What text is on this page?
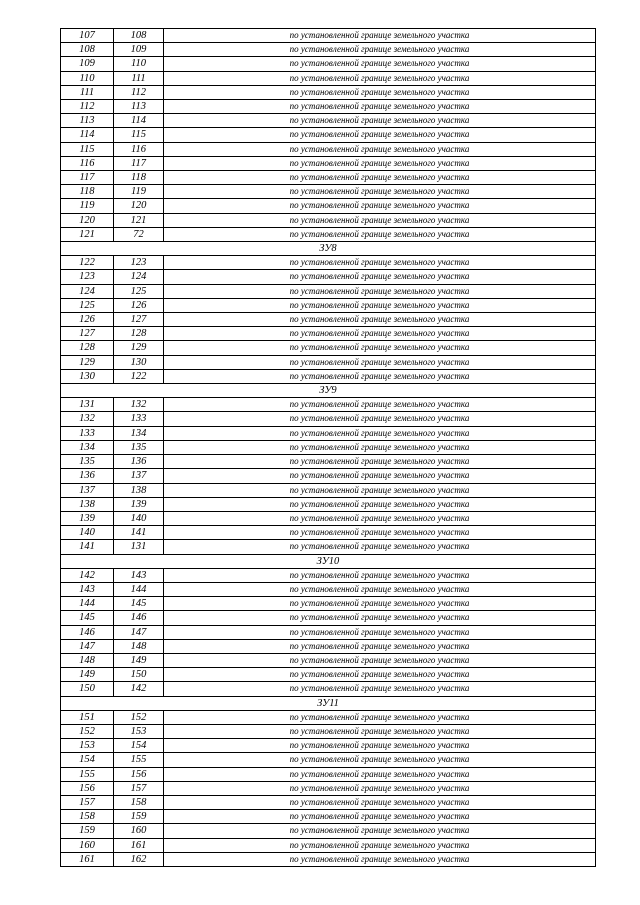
107	108	по установленной границе земельного участка
108	109	по установленной границе земельного участка
109	110	по установленной границе земельного участка
110	111	по установленной границе земельного участка
111	112	по установленной границе земельного участка
112	113	по установленной границе земельного участка
113	114	по установленной границе земельного участка
114	115	по установленной границе земельного участка
115	116	по установленной границе земельного участка
116	117	по установленной границе земельного участка
117	118	по установленной границе земельного участка
118	119	по установленной границе земельного участка
119	120	по установленной границе земельного участка
120	121	по установленной границе земельного участка
121	72	по установленной границе земельного участка
ЗУ8		
122	123	по установленной границе земельного участка
123	124	по установленной границе земельного участка
124	125	по установленной границе земельного участка
125	126	по установленной границе земельного участка
126	127	по установленной границе земельного участка
127	128	по установленной границе земельного участка
128	129	по установленной границе земельного участка
129	130	по установленной границе земельного участка
130	122	по установленной границе земельного участка
ЗУ9		
131	132	по установленной границе земельного участка
132	133	по установленной границе земельного участка
133	134	по установленной границе земельного участка
134	135	по установленной границе земельного участка
135	136	по установленной границе земельного участка
136	137	по установленной границе земельного участка
137	138	по установленной границе земельного участка
138	139	по установленной границе земельного участка
139	140	по установленной границе земельного участка
140	141	по установленной границе земельного участка
141	131	по установленной границе земельного участка
ЗУ10		
142	143	по установленной границе земельного участка
143	144	по установленной границе земельного участка
144	145	по установленной границе земельного участка
145	146	по установленной границе земельного участка
146	147	по установленной границе земельного участка
147	148	по установленной границе земельного участка
148	149	по установленной границе земельного участка
149	150	по установленной границе земельного участка
150	142	по установленной границе земельного участка
ЗУ11		
151	152	по установленной границе земельного участка
152	153	по установленной границе земельного участка
153	154	по установленной границе земельного участка
154	155	по установленной границе земельного участка
155	156	по установленной границе земельного участка
156	157	по установленной границе земельного участка
157	158	по установленной границе земельного участка
158	159	по установленной границе земельного участка
159	160	по установленной границе земельного участка
160	161	по установленной границе земельного участка
161	162	по установленной границе земельного участка
